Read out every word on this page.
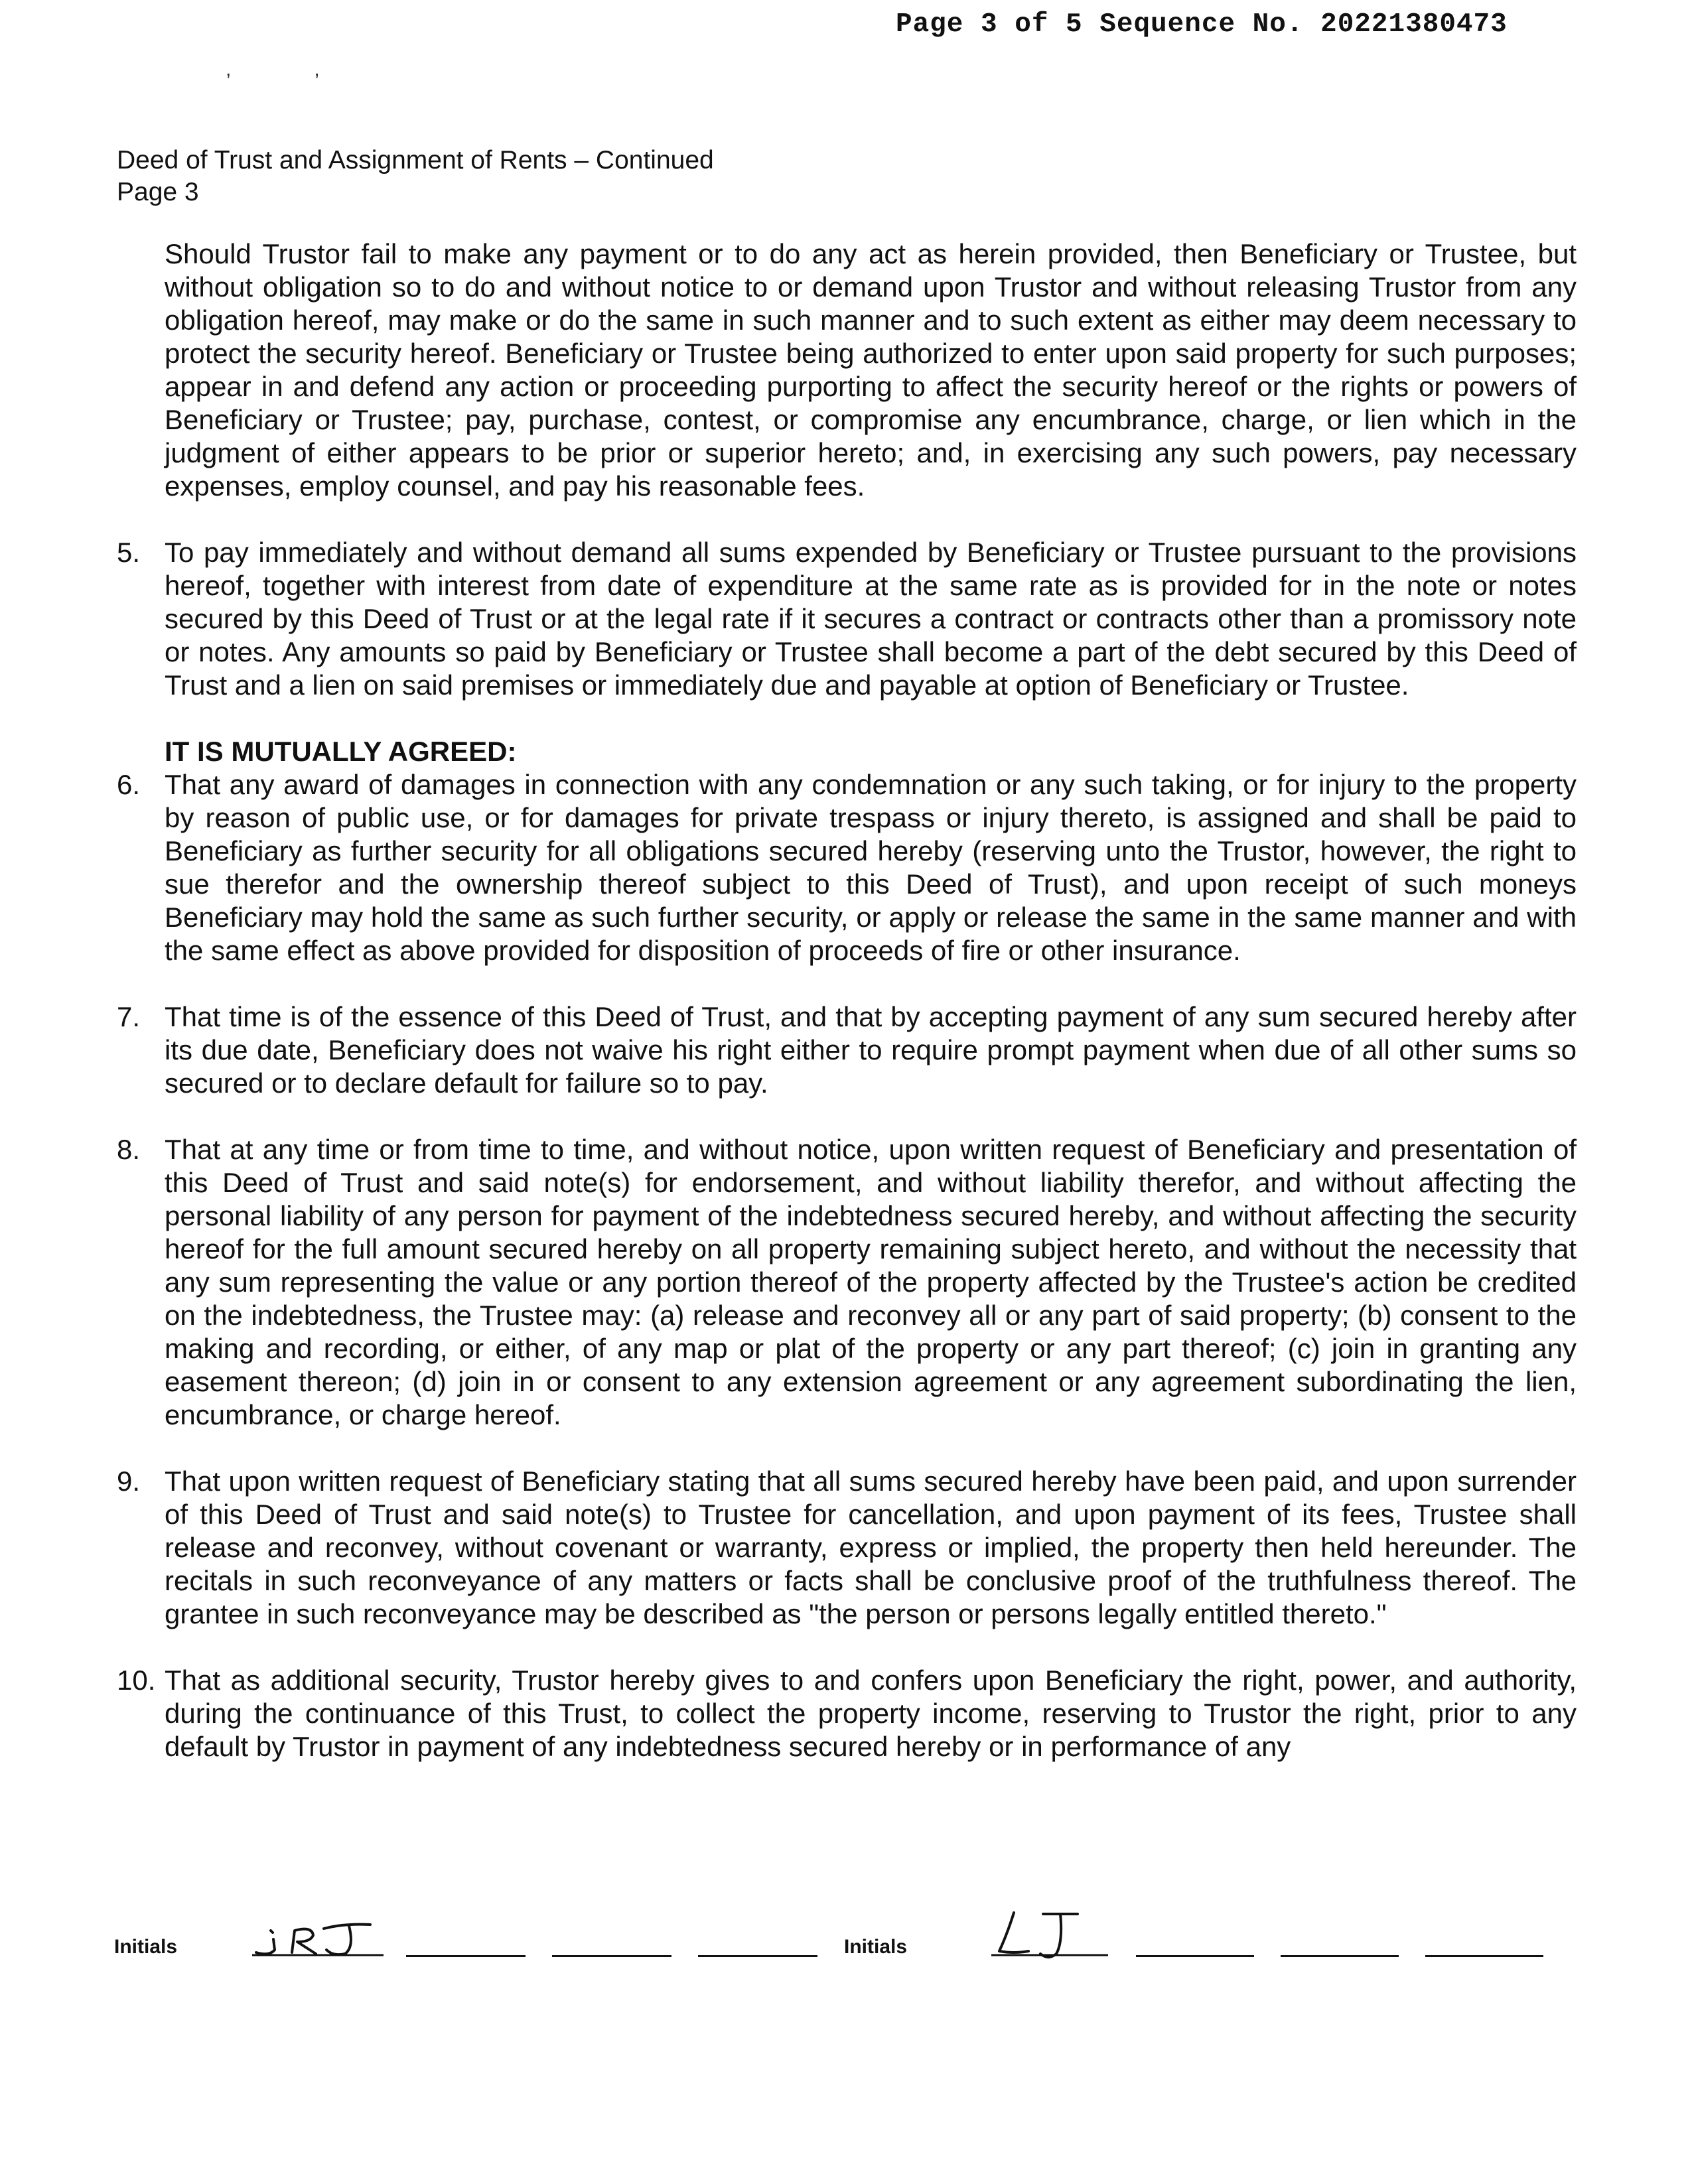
Page 3 of 5 Sequence No. 20221380473
,	,
Deed of Trust and Assignment of Rents – Continued
Page 3
Should Trustor fail to make any payment or to do any act as herein provided, then Beneficiary or Trustee, but without obligation so to do and without notice to or demand upon Trustor and without releasing Trustor from any obligation hereof, may make or do the same in such manner and to such extent as either may deem necessary to protect the security hereof. Beneficiary or Trustee being authorized to enter upon said property for such purposes; appear in and defend any action or proceeding purporting to affect the security hereof or the rights or powers of Beneficiary or Trustee; pay, purchase, contest, or compromise any encumbrance, charge, or lien which in the judgment of either appears to be prior or superior hereto; and, in exercising any such powers, pay necessary expenses, employ counsel, and pay his reasonable fees.
5. To pay immediately and without demand all sums expended by Beneficiary or Trustee pursuant to the provisions hereof, together with interest from date of expenditure at the same rate as is provided for in the note or notes secured by this Deed of Trust or at the legal rate if it secures a contract or contracts other than a promissory note or notes. Any amounts so paid by Beneficiary or Trustee shall become a part of the debt secured by this Deed of Trust and a lien on said premises or immediately due and payable at option of Beneficiary or Trustee.
IT IS MUTUALLY AGREED:
6. That any award of damages in connection with any condemnation or any such taking, or for injury to the property by reason of public use, or for damages for private trespass or injury thereto, is assigned and shall be paid to Beneficiary as further security for all obligations secured hereby (reserving unto the Trustor, however, the right to sue therefor and the ownership thereof subject to this Deed of Trust), and upon receipt of such moneys Beneficiary may hold the same as such further security, or apply or release the same in the same manner and with the same effect as above provided for disposition of proceeds of fire or other insurance.
7. That time is of the essence of this Deed of Trust, and that by accepting payment of any sum secured hereby after its due date, Beneficiary does not waive his right either to require prompt payment when due of all other sums so secured or to declare default for failure so to pay.
8. That at any time or from time to time, and without notice, upon written request of Beneficiary and presentation of this Deed of Trust and said note(s) for endorsement, and without liability therefor, and without affecting the personal liability of any person for payment of the indebtedness secured hereby, and without affecting the security hereof for the full amount secured hereby on all property remaining subject hereto, and without the necessity that any sum representing the value or any portion thereof of the property affected by the Trustee's action be credited on the indebtedness, the Trustee may: (a) release and reconvey all or any part of said property; (b) consent to the making and recording, or either, of any map or plat of the property or any part thereof; (c) join in granting any easement thereon; (d) join in or consent to any extension agreement or any agreement subordinating the lien, encumbrance, or charge hereof.
9. That upon written request of Beneficiary stating that all sums secured hereby have been paid, and upon surrender of this Deed of Trust and said note(s) to Trustee for cancellation, and upon payment of its fees, Trustee shall release and reconvey, without covenant or warranty, express or implied, the property then held hereunder. The recitals in such reconveyance of any matters or facts shall be conclusive proof of the truthfulness thereof. The grantee in such reconveyance may be described as "the person or persons legally entitled thereto."
10. That as additional security, Trustor hereby gives to and confers upon Beneficiary the right, power, and authority, during the continuance of this Trust, to collect the property income, reserving to Trustor the right, prior to any default by Trustor in payment of any indebtedness secured hereby or in performance of any
Initials	Initials
